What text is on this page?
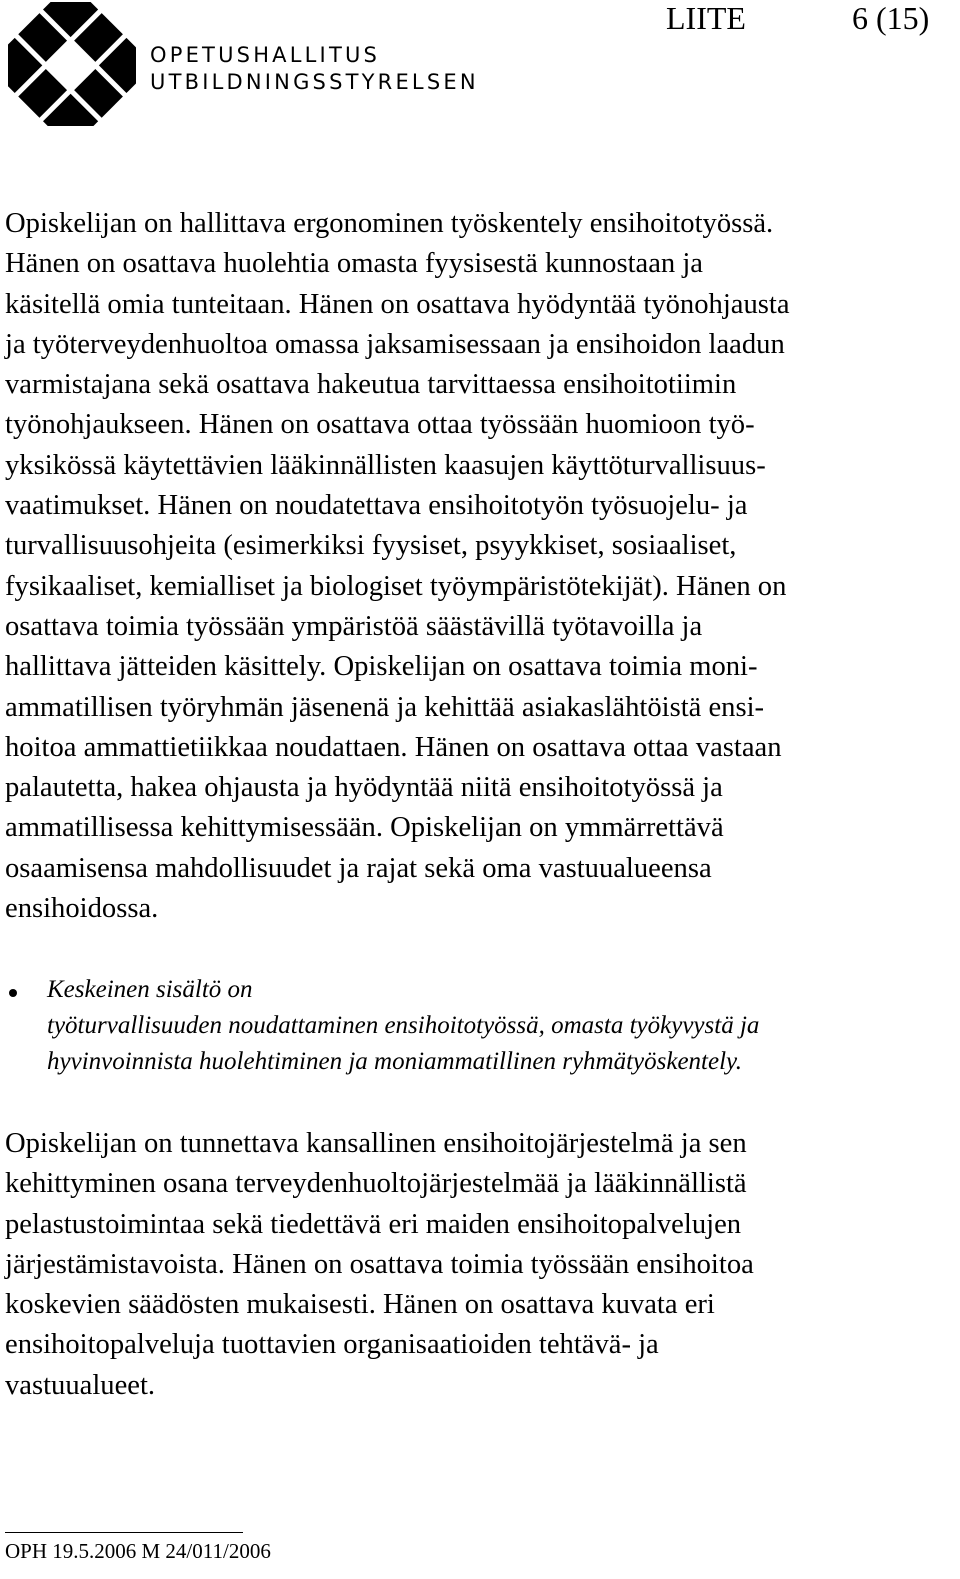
OPETUSHALLITUS
UTBILDNINGSSTYRELSEN
LIITE	6 (15)

Opiskelijan on hallittava ergonominen työskentely ensihoitotyössä.
Hänen on osattava huolehtia omasta fyysisestä kunnostaan ja
käsitellä omia tunteitaan. Hänen on osattava hyödyntää työnohjausta
ja työterveydenhuoltoa omassa jaksamisessaan ja ensihoidon laadun
varmistajana sekä osattava hakeutua tarvittaessa ensihoitotiimin
työnohjaukseen. Hänen on osattava ottaa työssään huomioon työ-
yksikössä käytettävien lääkinnällisten kaasujen käyttöturvallisuus-
vaatimukset. Hänen on noudatettava ensihoitotyön työsuojelu- ja
turvallisuusohjeita (esimerkiksi fyysiset, psyykkiset, sosiaaliset,
fysikaaliset, kemialliset ja biologiset työympäristötekijät). Hänen on
osattava toimia työssään ympäristöä säästävillä työtavoilla ja
hallittava jätteiden käsittely. Opiskelijan on osattava toimia moni-
ammatillisen työryhmän jäsenenä ja kehittää asiakaslähtöistä ensi-
hoitoa ammattietiikkaa noudattaen. Hänen on osattava ottaa vastaan
palautetta, hakea ohjausta ja hyödyntää niitä ensihoitotyössä ja
ammatillisessa kehittymisessään. Opiskelijan on ymmärrettävä
osaamisensa mahdollisuudet ja rajat sekä oma vastuualueensa
ensihoidossa.

Keskeinen sisältö on
työturvallisuuden noudattaminen ensihoitotyössä, omasta työkyvystä ja
hyvinvoinnista huolehtiminen ja moniammatillinen ryhmätyöskentely.

Opiskelijan on tunnettava kansallinen ensihoitojärjestelmä ja sen
kehittyminen osana terveydenhuoltojärjestelmää ja lääkinnällistä
pelastustoimintaa sekä tiedettävä eri maiden ensihoitopalvelujen
järjestämistavoista. Hänen on osattava toimia työssään ensihoitoa
koskevien säädösten mukaisesti. Hänen on osattava kuvata eri
ensihoitopalveluja tuottavien organisaatioiden tehtävä- ja
vastuualueet.

OPH 19.5.2006 M 24/011/2006
